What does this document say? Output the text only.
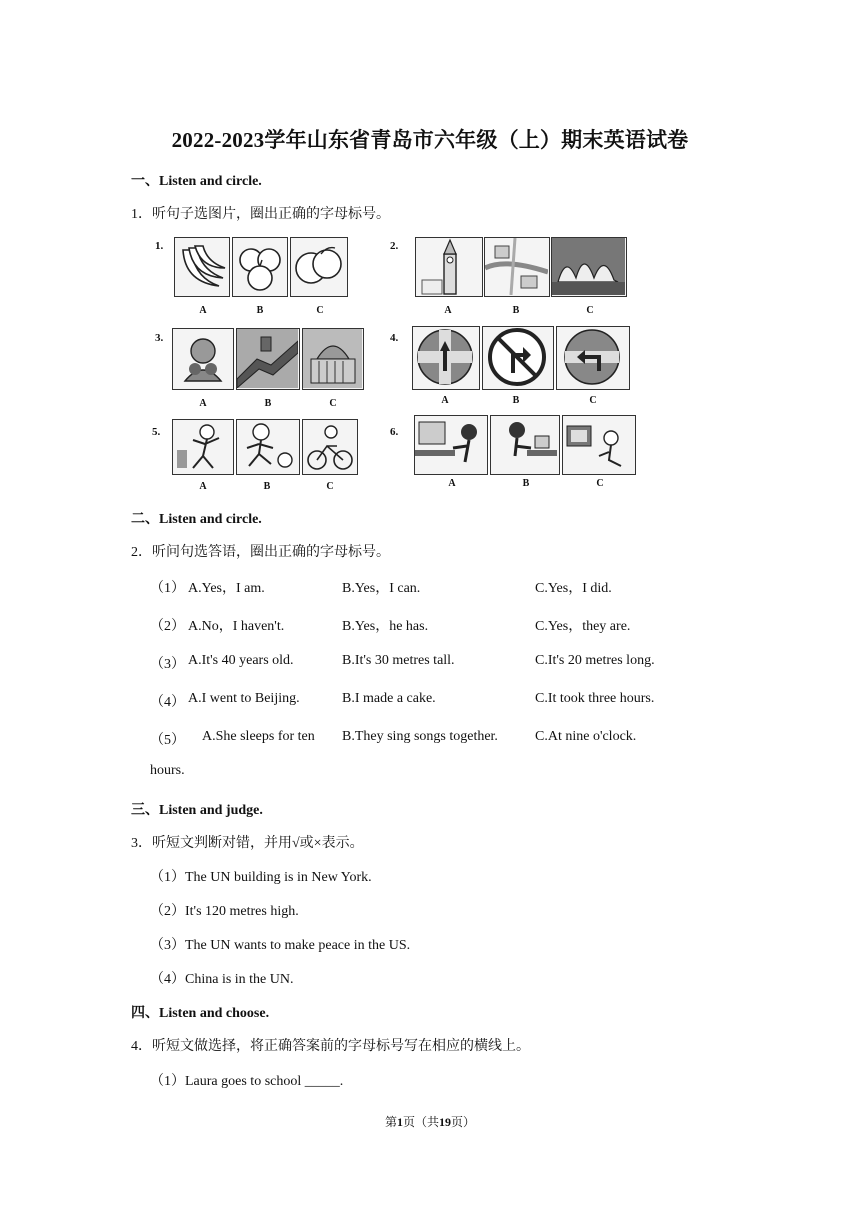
2022-2023学年山东省青岛市六年级（上）期末英语试卷
一、Listen and circle.
1．听句子选图片，圈出正确的字母标号。
1.
A	B	C
2.
A	B	C
3.
A	B	C
4.
A	B	C
5.
A	B	C
6.
A	B	C
二、Listen and circle.
2．听问句选答语，圈出正确的字母标号。
（1） A.Yes，I am.	B.Yes，I can.	C.Yes，I did.
（2） A.No，I haven't.	B.Yes，he has.	C.Yes，they are.
（3） A.It's 40 years old.	B.It's 30 metres tall.	C.It's 20 metres long.
（4） A.I went to Beijing.	B.I made a cake.	C.It took three hours.
（5） A.She sleeps for ten
hours.
B.They sing songs together.	C.At nine o'clock.
三、Listen and judge.
3．听短文判断对错，并用√或×表示。
（1）The UN building is in New York.
（2）It's 120 metres high.
（3）The UN wants to make peace in the US.
（4）China is in the UN.
四、Listen and choose.
4．听短文做选择，将正确答案前的字母标号写在相应的横线上。
（1）Laura goes to school _____.
第1页（共19页）
